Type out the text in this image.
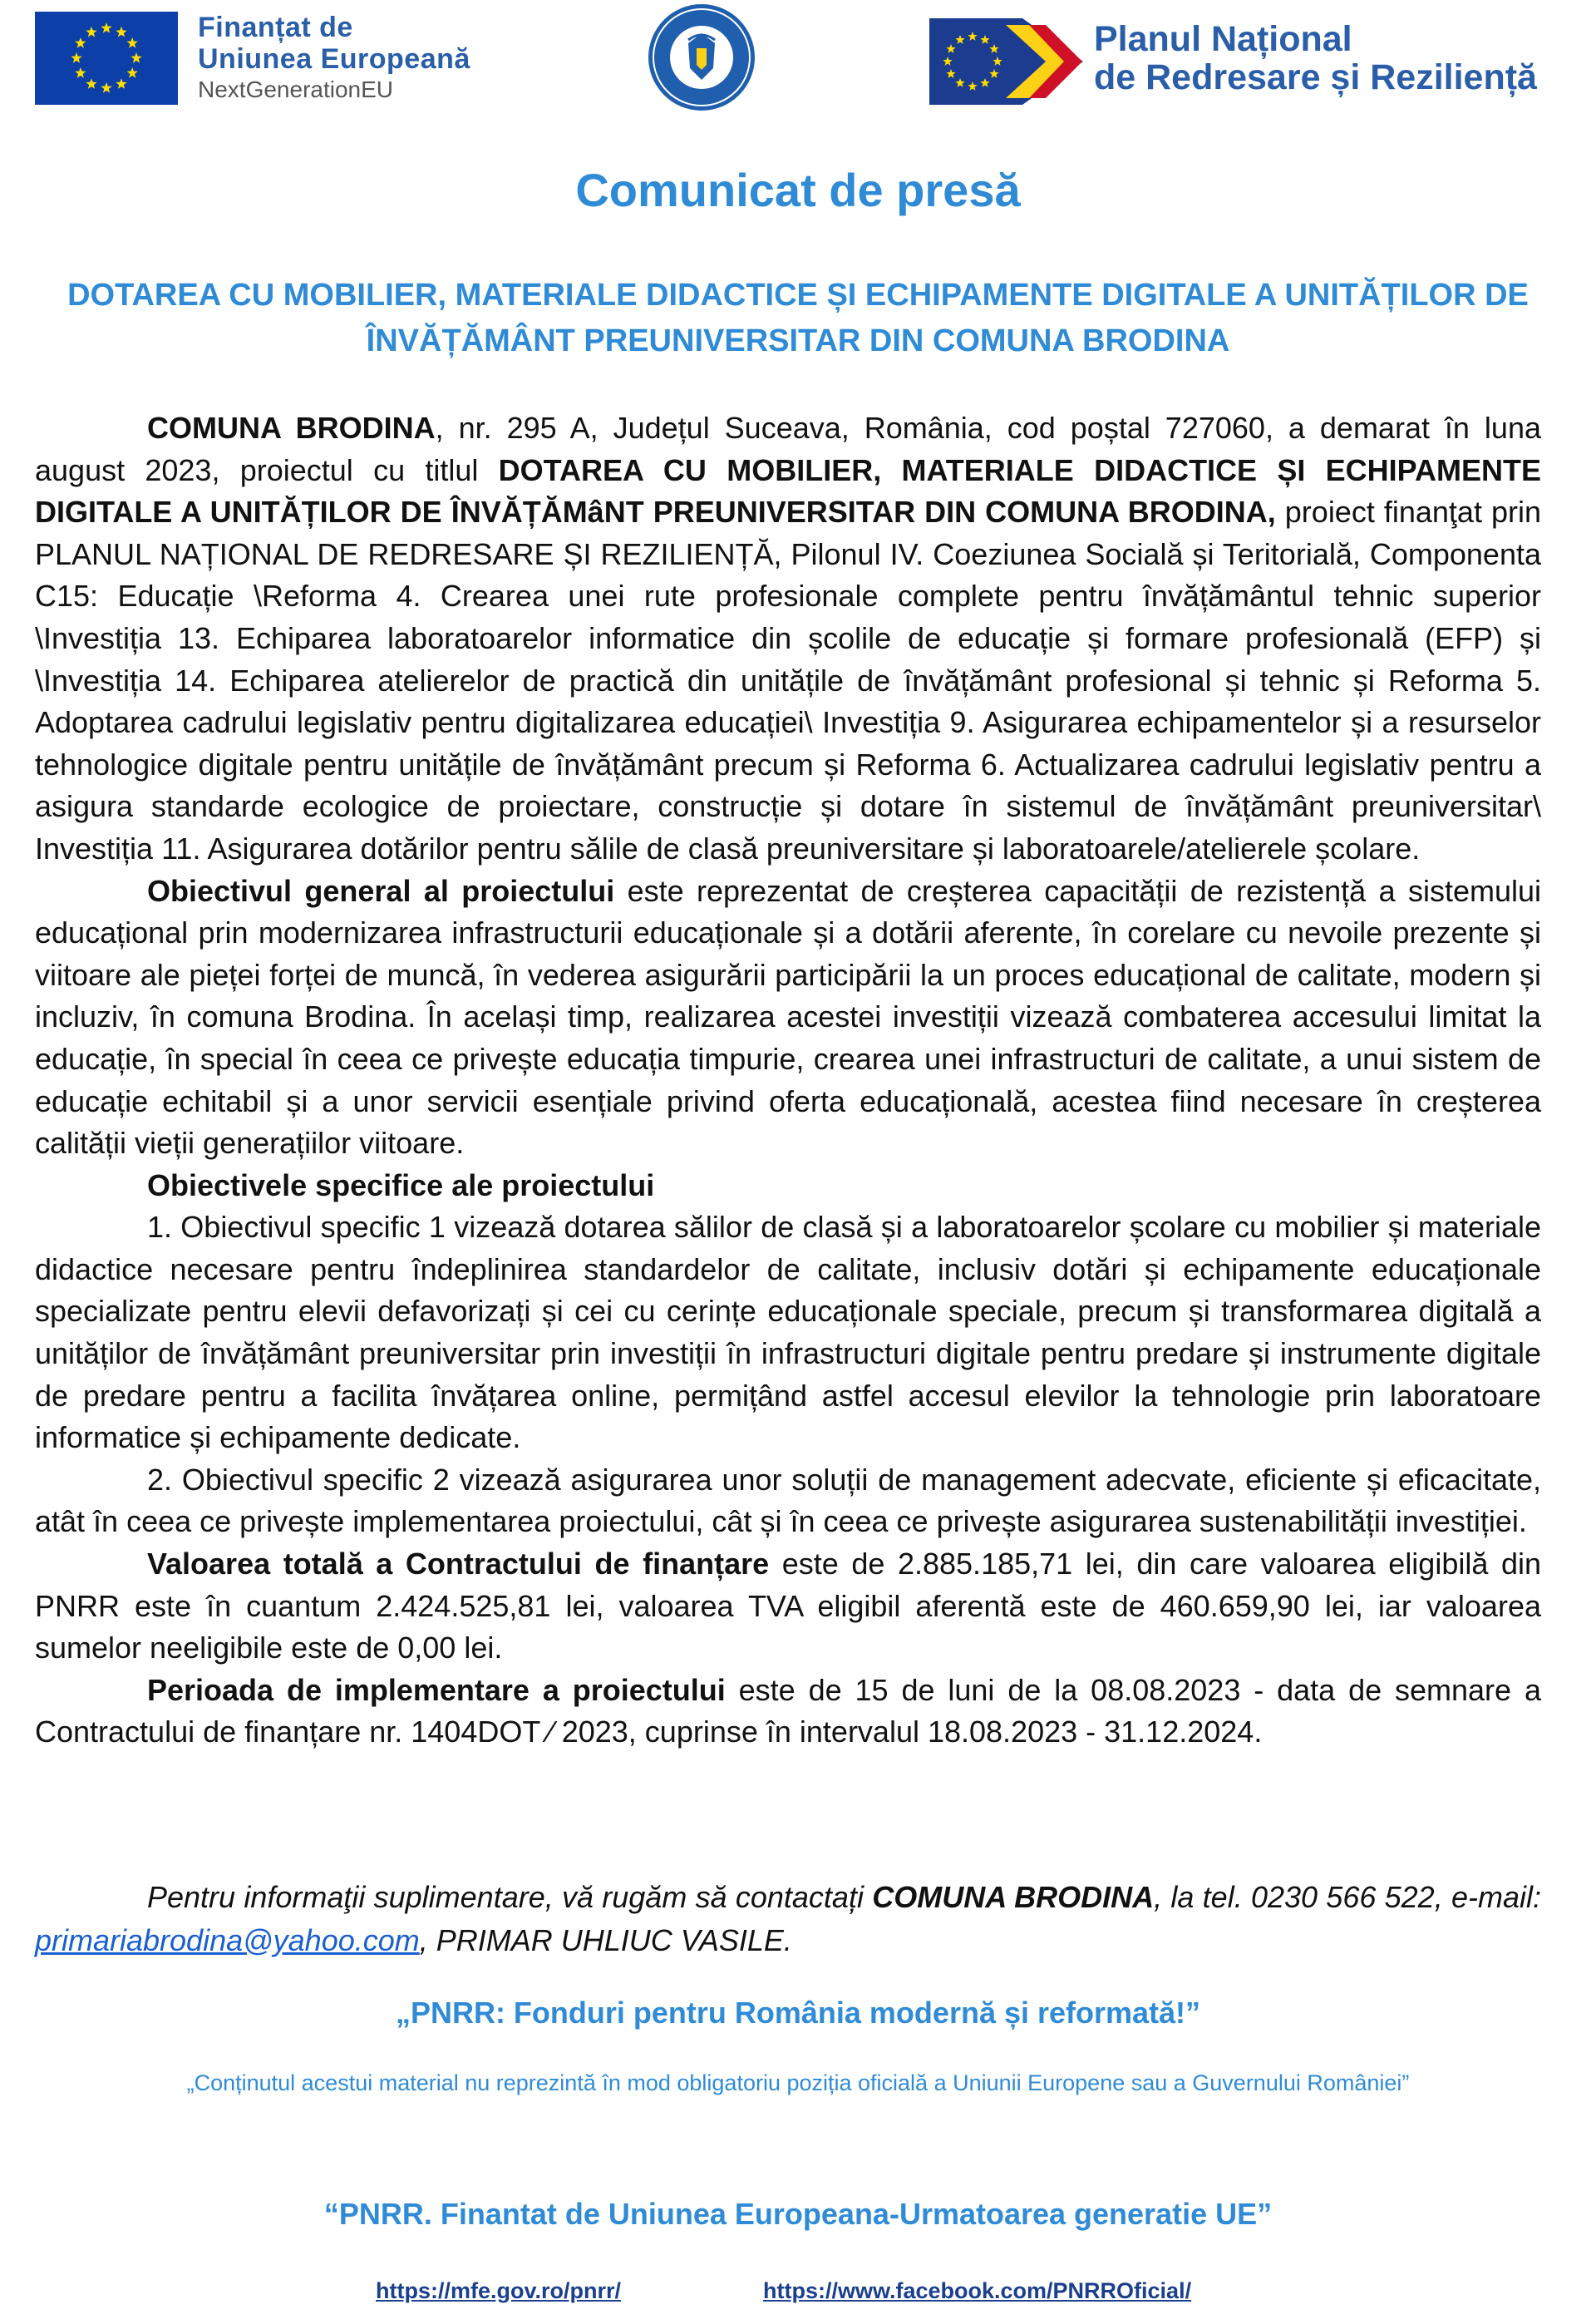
Finanțat de
Uniunea Europeană
NextGenerationEU
Planul Național
de Redresare și Reziliență
Comunicat de presă
DOTAREA CU MOBILIER, MATERIALE DIDACTICE ȘI ECHIPAMENTE DIGITALE A UNITĂȚILOR DE
ÎNVĂȚĂMÂNT PREUNIVERSITAR DIN COMUNA BRODINA

COMUNA BRODINA, nr. 295 A, Județul Suceava, România, cod poștal 727060, a demarat în luna august 2023, proiectul cu titlul DOTAREA CU MOBILIER, MATERIALE DIDACTICE ȘI ECHIPAMENTE DIGITALE A UNITĂȚILOR DE ÎNVĂȚĂMâNT PREUNIVERSITAR DIN COMUNA BRODINA, proiect finanţat prin PLANUL NAȚIONAL DE REDRESARE ȘI REZILIENȚĂ, Pilonul IV. Coeziunea Socială și Teritorială, Componenta C15: Educație \Reforma 4. Crearea unei rute profesionale complete pentru învățământul tehnic superior \Investiția 13. Echiparea laboratoarelor informatice din școlile de educație și formare profesională (EFP) și \Investiția 14. Echiparea atelierelor de practică din unitățile de învățământ profesional și tehnic și Reforma 5. Adoptarea cadrului legislativ pentru digitalizarea educației\ Investiția 9. Asigurarea echipamentelor și a resurselor tehnologice digitale pentru unitățile de învățământ precum și Reforma 6. Actualizarea cadrului legislativ pentru a asigura standarde ecologice de proiectare, construcție și dotare în sistemul de învățământ preuniversitar\ Investiția 11. Asigurarea dotărilor pentru sălile de clasă preuniversitare și laboratoarele/atelierele școlare.

Obiectivul general al proiectului este reprezentat de creșterea capacității de rezistență a sistemului educațional prin modernizarea infrastructurii educaționale și a dotării aferente, în corelare cu nevoile prezente și viitoare ale pieței forței de muncă, în vederea asigurării participării la un proces educațional de calitate, modern și incluziv, în comuna Brodina. În același timp, realizarea acestei investiții vizează combaterea accesului limitat la educație, în special în ceea ce privește educația timpurie, crearea unei infrastructuri de calitate, a unui sistem de educație echitabil și a unor servicii esențiale privind oferta educațională, acestea fiind necesare în creșterea calității vieții generațiilor viitoare.

Obiectivele specifice ale proiectului

1. Obiectivul specific 1 vizează dotarea sălilor de clasă și a laboratoarelor școlare cu mobilier și materiale didactice necesare pentru îndeplinirea standardelor de calitate, inclusiv dotări și echipamente educaționale specializate pentru elevii defavorizați și cei cu cerințe educaționale speciale, precum și transformarea digitală a unităților de învățământ preuniversitar prin investiții în infrastructuri digitale pentru predare și instrumente digitale de predare pentru a facilita învățarea online, permițând astfel accesul elevilor la tehnologie prin laboratoare informatice și echipamente dedicate.

2. Obiectivul specific 2 vizează asigurarea unor soluții de management adecvate, eficiente și eficacitate, atât în ceea ce privește implementarea proiectului, cât și în ceea ce privește asigurarea sustenabilității investiției.

Valoarea totală a Contractului de finanțare este de 2.885.185,71 lei, din care valoarea eligibilă din PNRR este în cuantum 2.424.525,81 lei, valoarea TVA eligibil aferentă este de 460.659,90 lei, iar valoarea sumelor neeligibile este de 0,00 lei.

Perioada de implementare a proiectului este de 15 de luni de la 08.08.2023 - data de semnare a Contractului de finanțare nr. 1404DOT ⁄ 2023, cuprinse în intervalul 18.08.2023 - 31.12.2024.

Pentru informaţii suplimentare, vă rugăm să contactați COMUNA BRODINA, la tel. 0230 566 522, e-mail: primariabrodina@yahoo.com, PRIMAR UHLIUC VASILE.

„PNRR: Fonduri pentru România modernă și reformată!”
„Conținutul acestui material nu reprezintă în mod obligatoriu poziția oficială a Uniunii Europene sau a Guvernului României”
“PNRR. Finantat de Uniunea Europeana-Urmatoarea generatie UE”
https://mfe.gov.ro/pnrr/	https://www.facebook.com/PNRROficial/
